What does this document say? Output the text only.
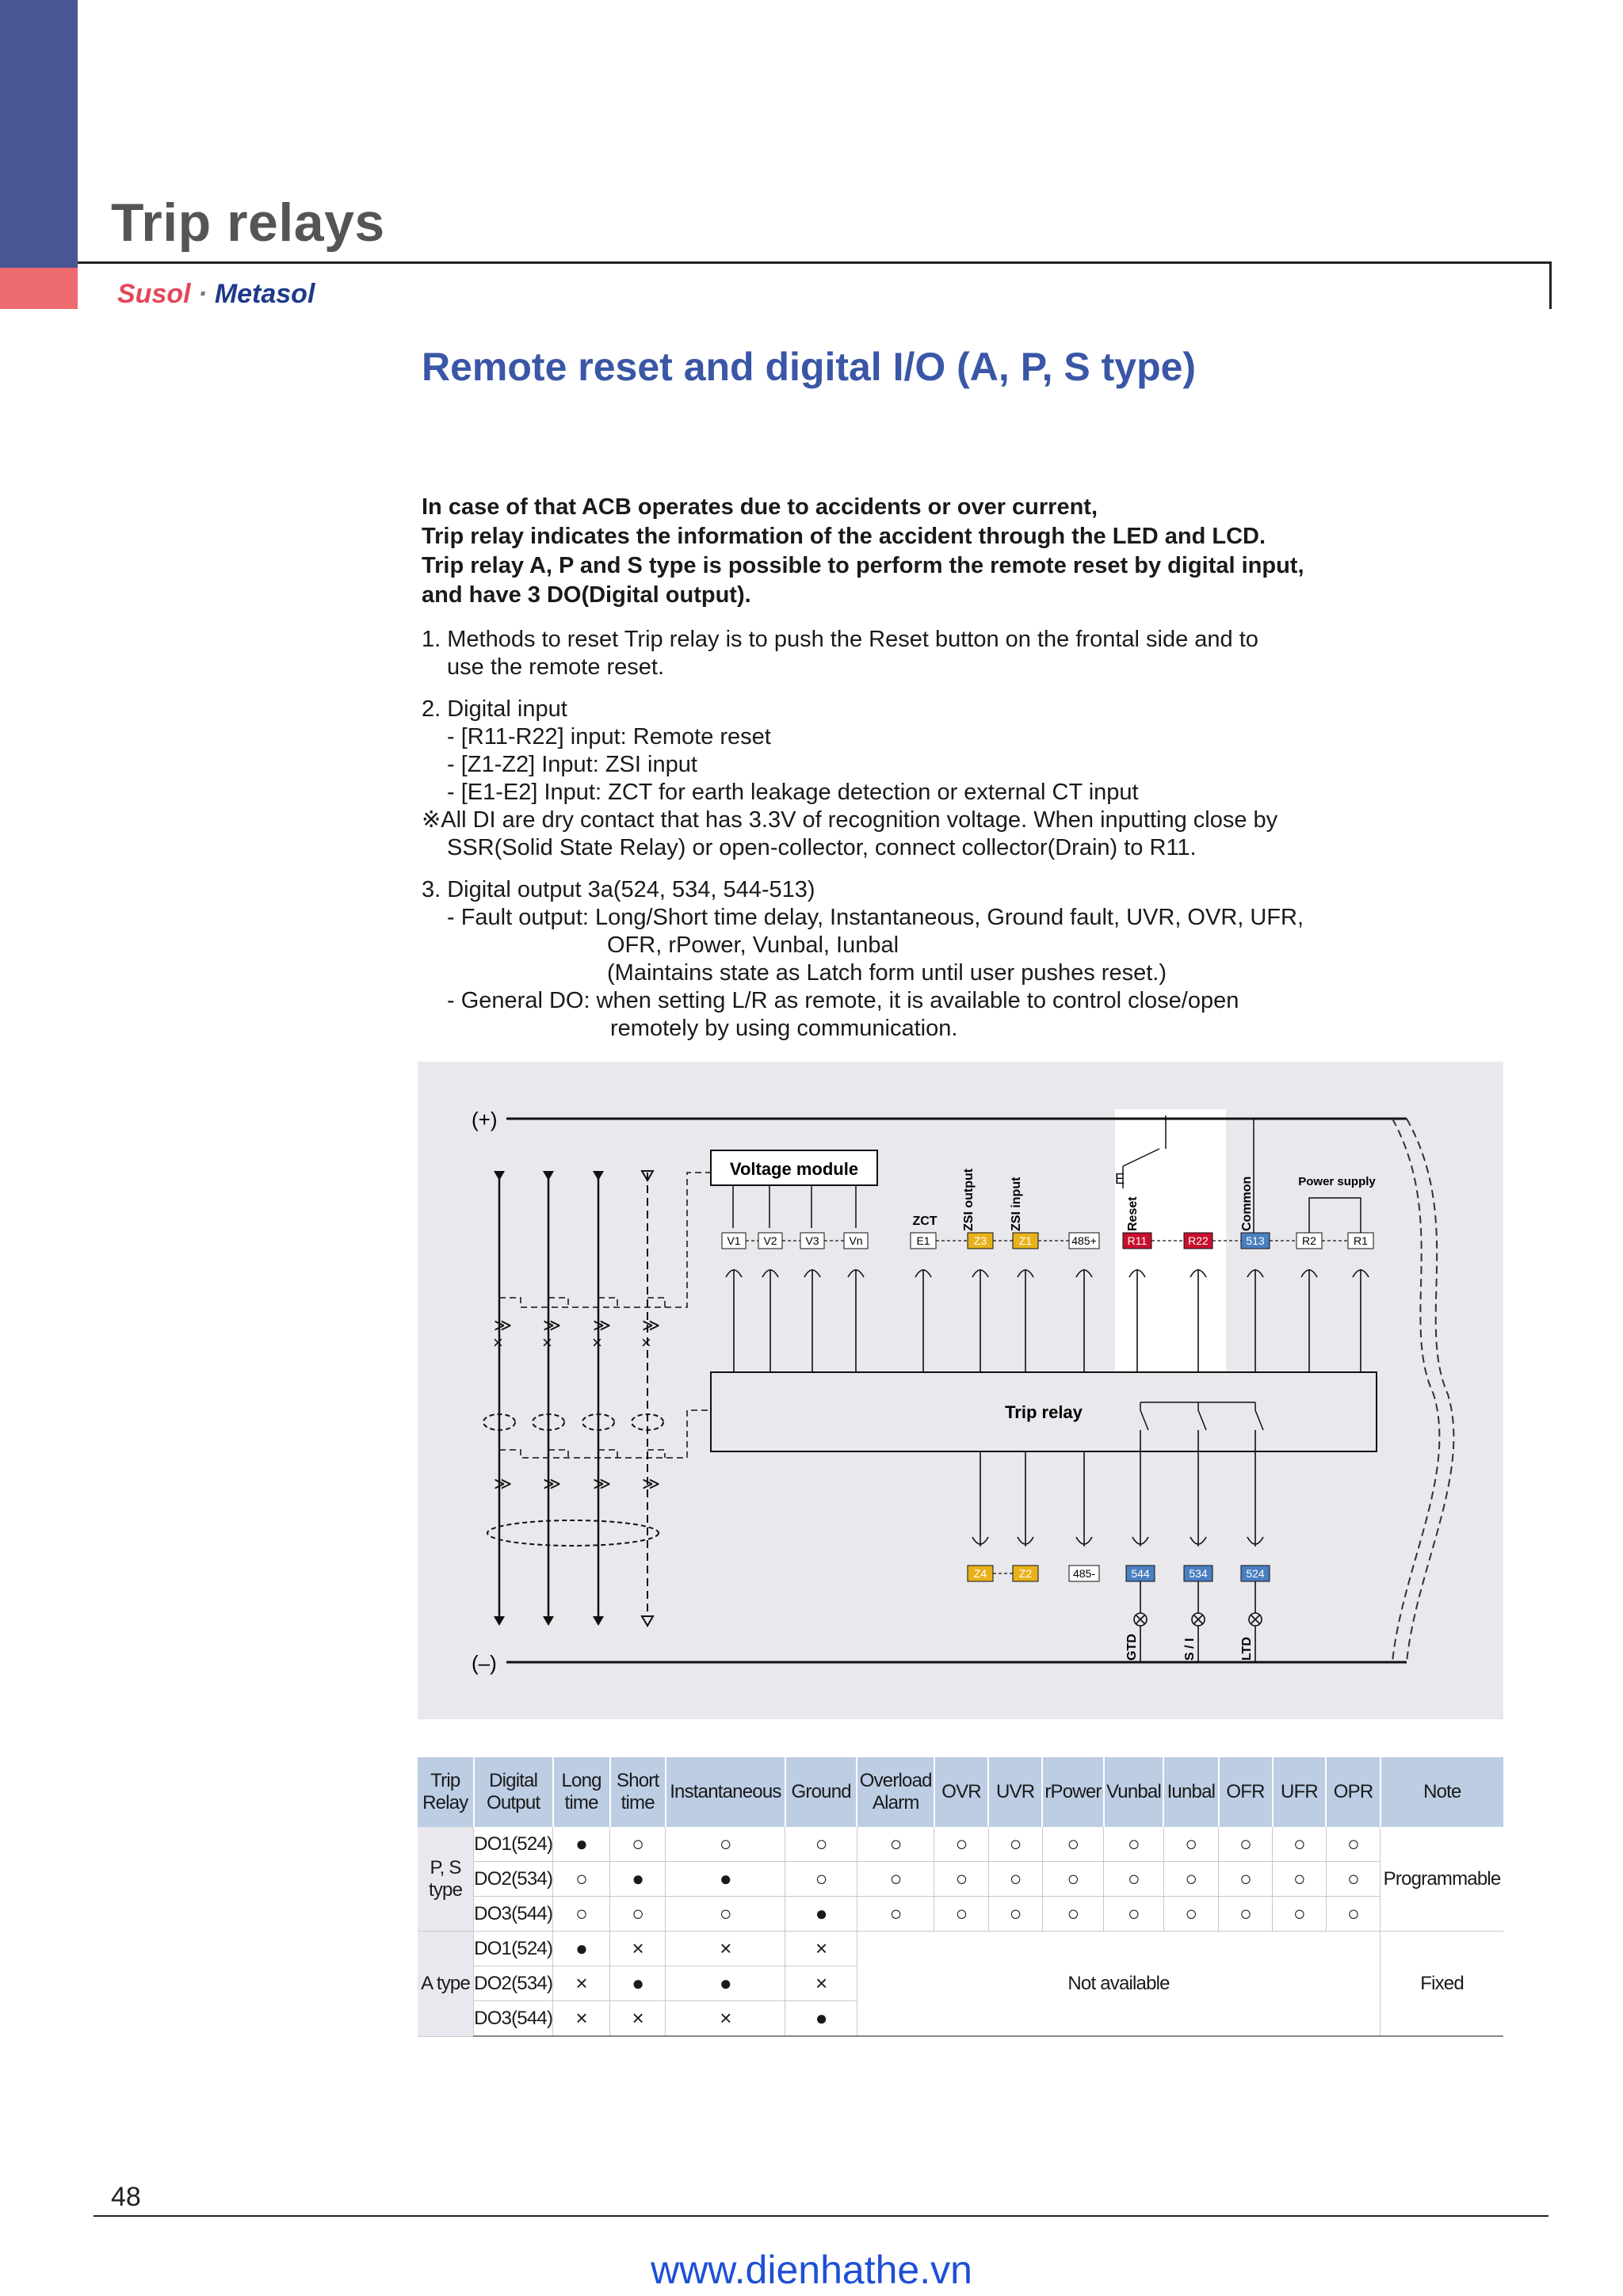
Trip relays
Susol · Metasol
Remote reset and digital I/O (A, P, S type)
In case of that ACB operates due to accidents or over current,
Trip relay indicates the information of the accident through the LED and LCD.
Trip relay A, P and S type is possible to perform the remote reset by digital input,
and have 3 DO(Digital output).

1. Methods to reset Trip relay is to push the Reset button on the frontal side and to
use the remote reset.

2. Digital input
- [R11-R22] input: Remote reset
- [Z1-Z2] Input: ZSI input
- [E1-E2] Input: ZCT for earth leakage detection or external CT input
※All DI are dry contact that has 3.3V of recognition voltage. When inputting close by
SSR(Solid State Relay) or open-collector, connect collector(Drain) to R11.

3. Digital output 3a(524, 534, 544-513)
- Fault output: Long/Short time delay, Instantaneous, Ground fault, UVR, OVR, UFR,
OFR, rPower, Vunbal, Iunbal
(Maintains state as Latch form until user pushes reset.)
- General DO: when setting L/R as remote, it is available to control close/open
remotely by using communication.

(+)
(–)
× × × ×
≫ ≫ ≫ ≫
≫ ≫ ≫ ≫
Voltage module
ZCT ZSI output	ZSI input	Reset	Common	Power supply
E
V1 V2	V3	Vn	E1	Z3	Z1	485+	R11	R22	513	R2	R1
Trip relay
Z4	Z2	485-	544	534	524
GTD	S / I	LTD
Trip Relay	Digital Output	Long time	Short time	Instantaneous	Ground	Overload Alarm	OVR	UVR	rPower	Vunbal	Iunbal	OFR	UFR	OPR	Note
P, S type	DO1(524)	●	○	○	○	○	○	○	○	○	○	○	○	○	Programmable
	DO2(534)	○	●	●	○	○	○	○	○	○	○	○	○	○	
	DO3(544)	○	○	○	●	○	○	○	○	○	○	○	○	○	
A type	DO1(524)	●	×	×	×	Not available									Fixed
	DO2(534)	×	●	●	×										
	DO3(544)	×	×	×	●										
48
www.dienhathe.vn
